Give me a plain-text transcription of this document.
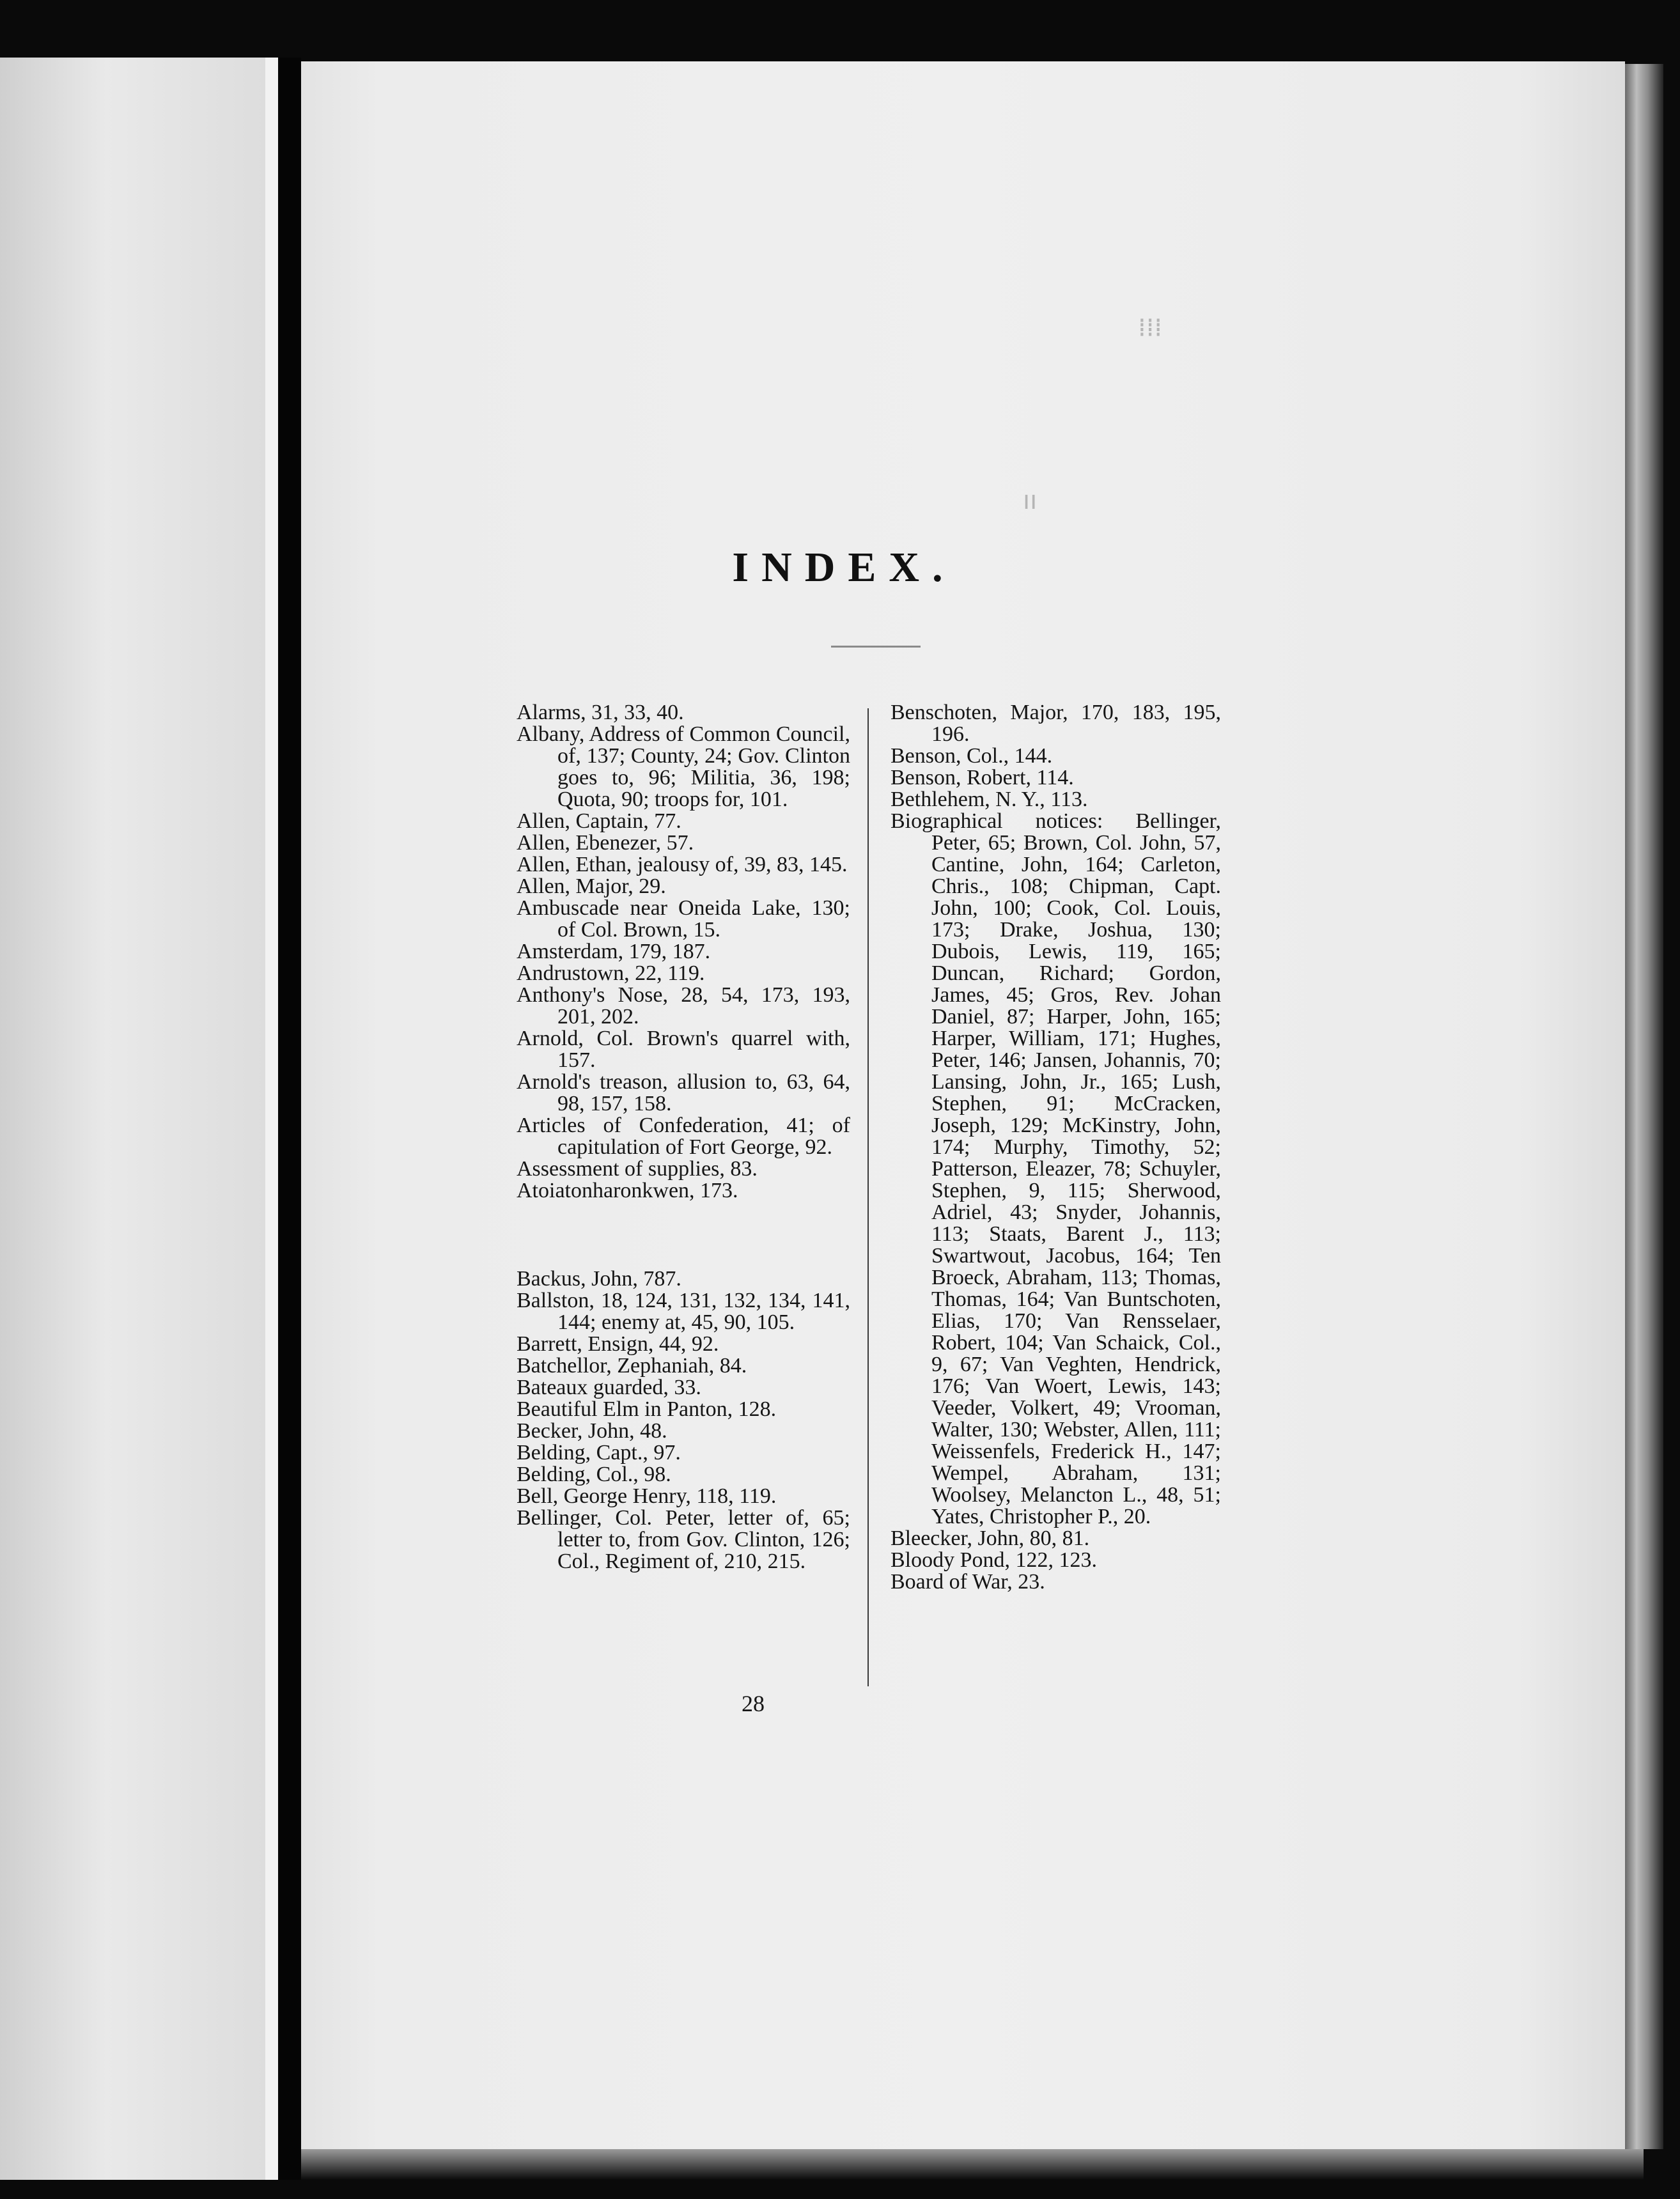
⁞⁞⁞
ıı
INDEX.
Alarms, 31, 33, 40.
Albany, Address of Common Council, of, 137; County, 24; Gov. Clinton goes to, 96; Militia, 36, 198; Quota, 90; troops for, 101.
Allen, Captain, 77.
Allen, Ebenezer, 57.
Allen, Ethan, jealousy of, 39, 83, 145.
Allen, Major, 29.
Ambuscade near Oneida Lake, 130; of Col. Brown, 15.
Amsterdam, 179, 187.
Andrustown, 22, 119.
Anthony's Nose, 28, 54, 173, 193, 201, 202.
Arnold, Col. Brown's quarrel with, 157.
Arnold's treason, allusion to, 63, 64, 98, 157, 158.
Articles of Confederation, 41; of capitulation of Fort George, 92.
Assessment of supplies, 83.
Atoiatonharonkwen, 173.
Backus, John, 787.
Ballston, 18, 124, 131, 132, 134, 141, 144; enemy at, 45, 90, 105.
Barrett, Ensign, 44, 92.
Batchellor, Zephaniah, 84.
Bateaux guarded, 33.
Beautiful Elm in Panton, 128.
Becker, John, 48.
Belding, Capt., 97.
Belding, Col., 98.
Bell, George Henry, 118, 119.
Bellinger, Col. Peter, letter of, 65; letter to, from Gov. Clinton, 126; Col., Regiment of, 210, 215.
Benschoten, Major, 170, 183, 195, 196.
Benson, Col., 144.
Benson, Robert, 114.
Bethlehem, N. Y., 113.
Biographical notices: Bellinger, Peter, 65; Brown, Col. John, 57, Cantine, John, 164; Carleton, Chris., 108; Chipman, Capt. John, 100; Cook, Col. Louis, 173; Drake, Joshua, 130; Dubois, Lewis, 119, 165; Duncan, Richard; Gordon, James, 45; Gros, Rev. Johan Daniel, 87; Harper, John, 165; Harper, William, 171; Hughes, Peter, 146; Jansen, Johannis, 70; Lansing, John, Jr., 165; Lush, Stephen, 91; McCracken, Joseph, 129; McKinstry, John, 174; Murphy, Timothy, 52; Patterson, Eleazer, 78; Schuyler, Stephen, 9, 115; Sherwood, Adriel, 43; Snyder, Johannis, 113; Staats, Barent J., 113; Swartwout, Jacobus, 164; Ten Broeck, Abraham, 113; Thomas, Thomas, 164; Van Buntschoten, Elias, 170; Van Rensselaer, Robert, 104; Van Schaick, Col., 9, 67; Van Veghten, Hendrick, 176; Van Woert, Lewis, 143; Veeder, Volkert, 49; Vrooman, Walter, 130; Webster, Allen, 111; Weissenfels, Frederick H., 147; Wempel, Abraham, 131; Woolsey, Melancton L., 48, 51; Yates, Christopher P., 20.
Bleecker, John, 80, 81.
Bloody Pond, 122, 123.
Board of War, 23.
28
